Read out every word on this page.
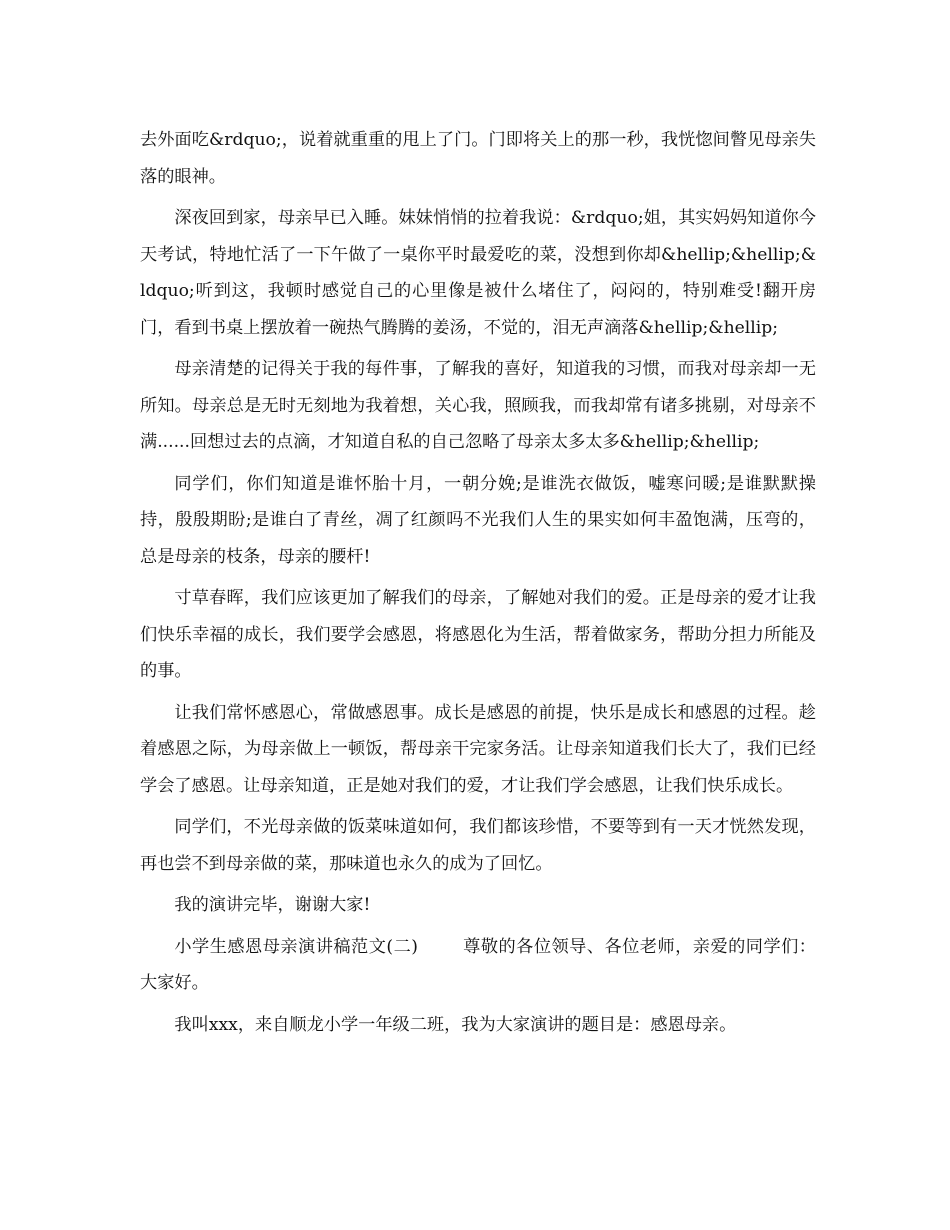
去外面吃&rdquo;，说着就重重的甩上了门。门即将关上的那一秒，我恍惚间瞥见母亲失落的眼神。

深夜回到家，母亲早已入睡。妹妹悄悄的拉着我说：&rdquo;姐，其实妈妈知道你今天考试，特地忙活了一下午做了一桌你平时最爱吃的菜，没想到你却&hellip;&hellip;&ldquo;听到这，我顿时感觉自己的心里像是被什么堵住了，闷闷的，特别难受!翻开房门，看到书桌上摆放着一碗热气腾腾的姜汤，不觉的，泪无声滴落&hellip;&hellip;

母亲清楚的记得关于我的每件事，了解我的喜好，知道我的习惯，而我对母亲却一无所知。母亲总是无时无刻地为我着想，关心我，照顾我，而我却常有诸多挑剔，对母亲不满......回想过去的点滴，才知道自私的自己忽略了母亲太多太多&hellip;&hellip;

同学们，你们知道是谁怀胎十月，一朝分娩;是谁洗衣做饭，嘘寒问暖;是谁默默操持，殷殷期盼;是谁白了青丝，凋了红颜吗不光我们人生的果实如何丰盈饱满，压弯的，总是母亲的枝条，母亲的腰杆!

寸草春晖，我们应该更加了解我们的母亲，了解她对我们的爱。正是母亲的爱才让我们快乐幸福的成长，我们要学会感恩，将感恩化为生活，帮着做家务，帮助分担力所能及的事。

让我们常怀感恩心，常做感恩事。成长是感恩的前提，快乐是成长和感恩的过程。趁着感恩之际，为母亲做上一顿饭，帮母亲干完家务活。让母亲知道我们长大了，我们已经学会了感恩。让母亲知道，正是她对我们的爱，才让我们学会感恩，让我们快乐成长。

同学们，不光母亲做的饭菜味道如何，我们都该珍惜，不要等到有一天才恍然发现，再也尝不到母亲做的菜，那味道也永久的成为了回忆。

我的演讲完毕，谢谢大家!

小学生感恩母亲演讲稿范文(二)	尊敬的各位领导、各位老师，亲爱的同学们：大家好。

我叫xxx，来自顺龙小学一年级二班，我为大家演讲的题目是：感恩母亲。
